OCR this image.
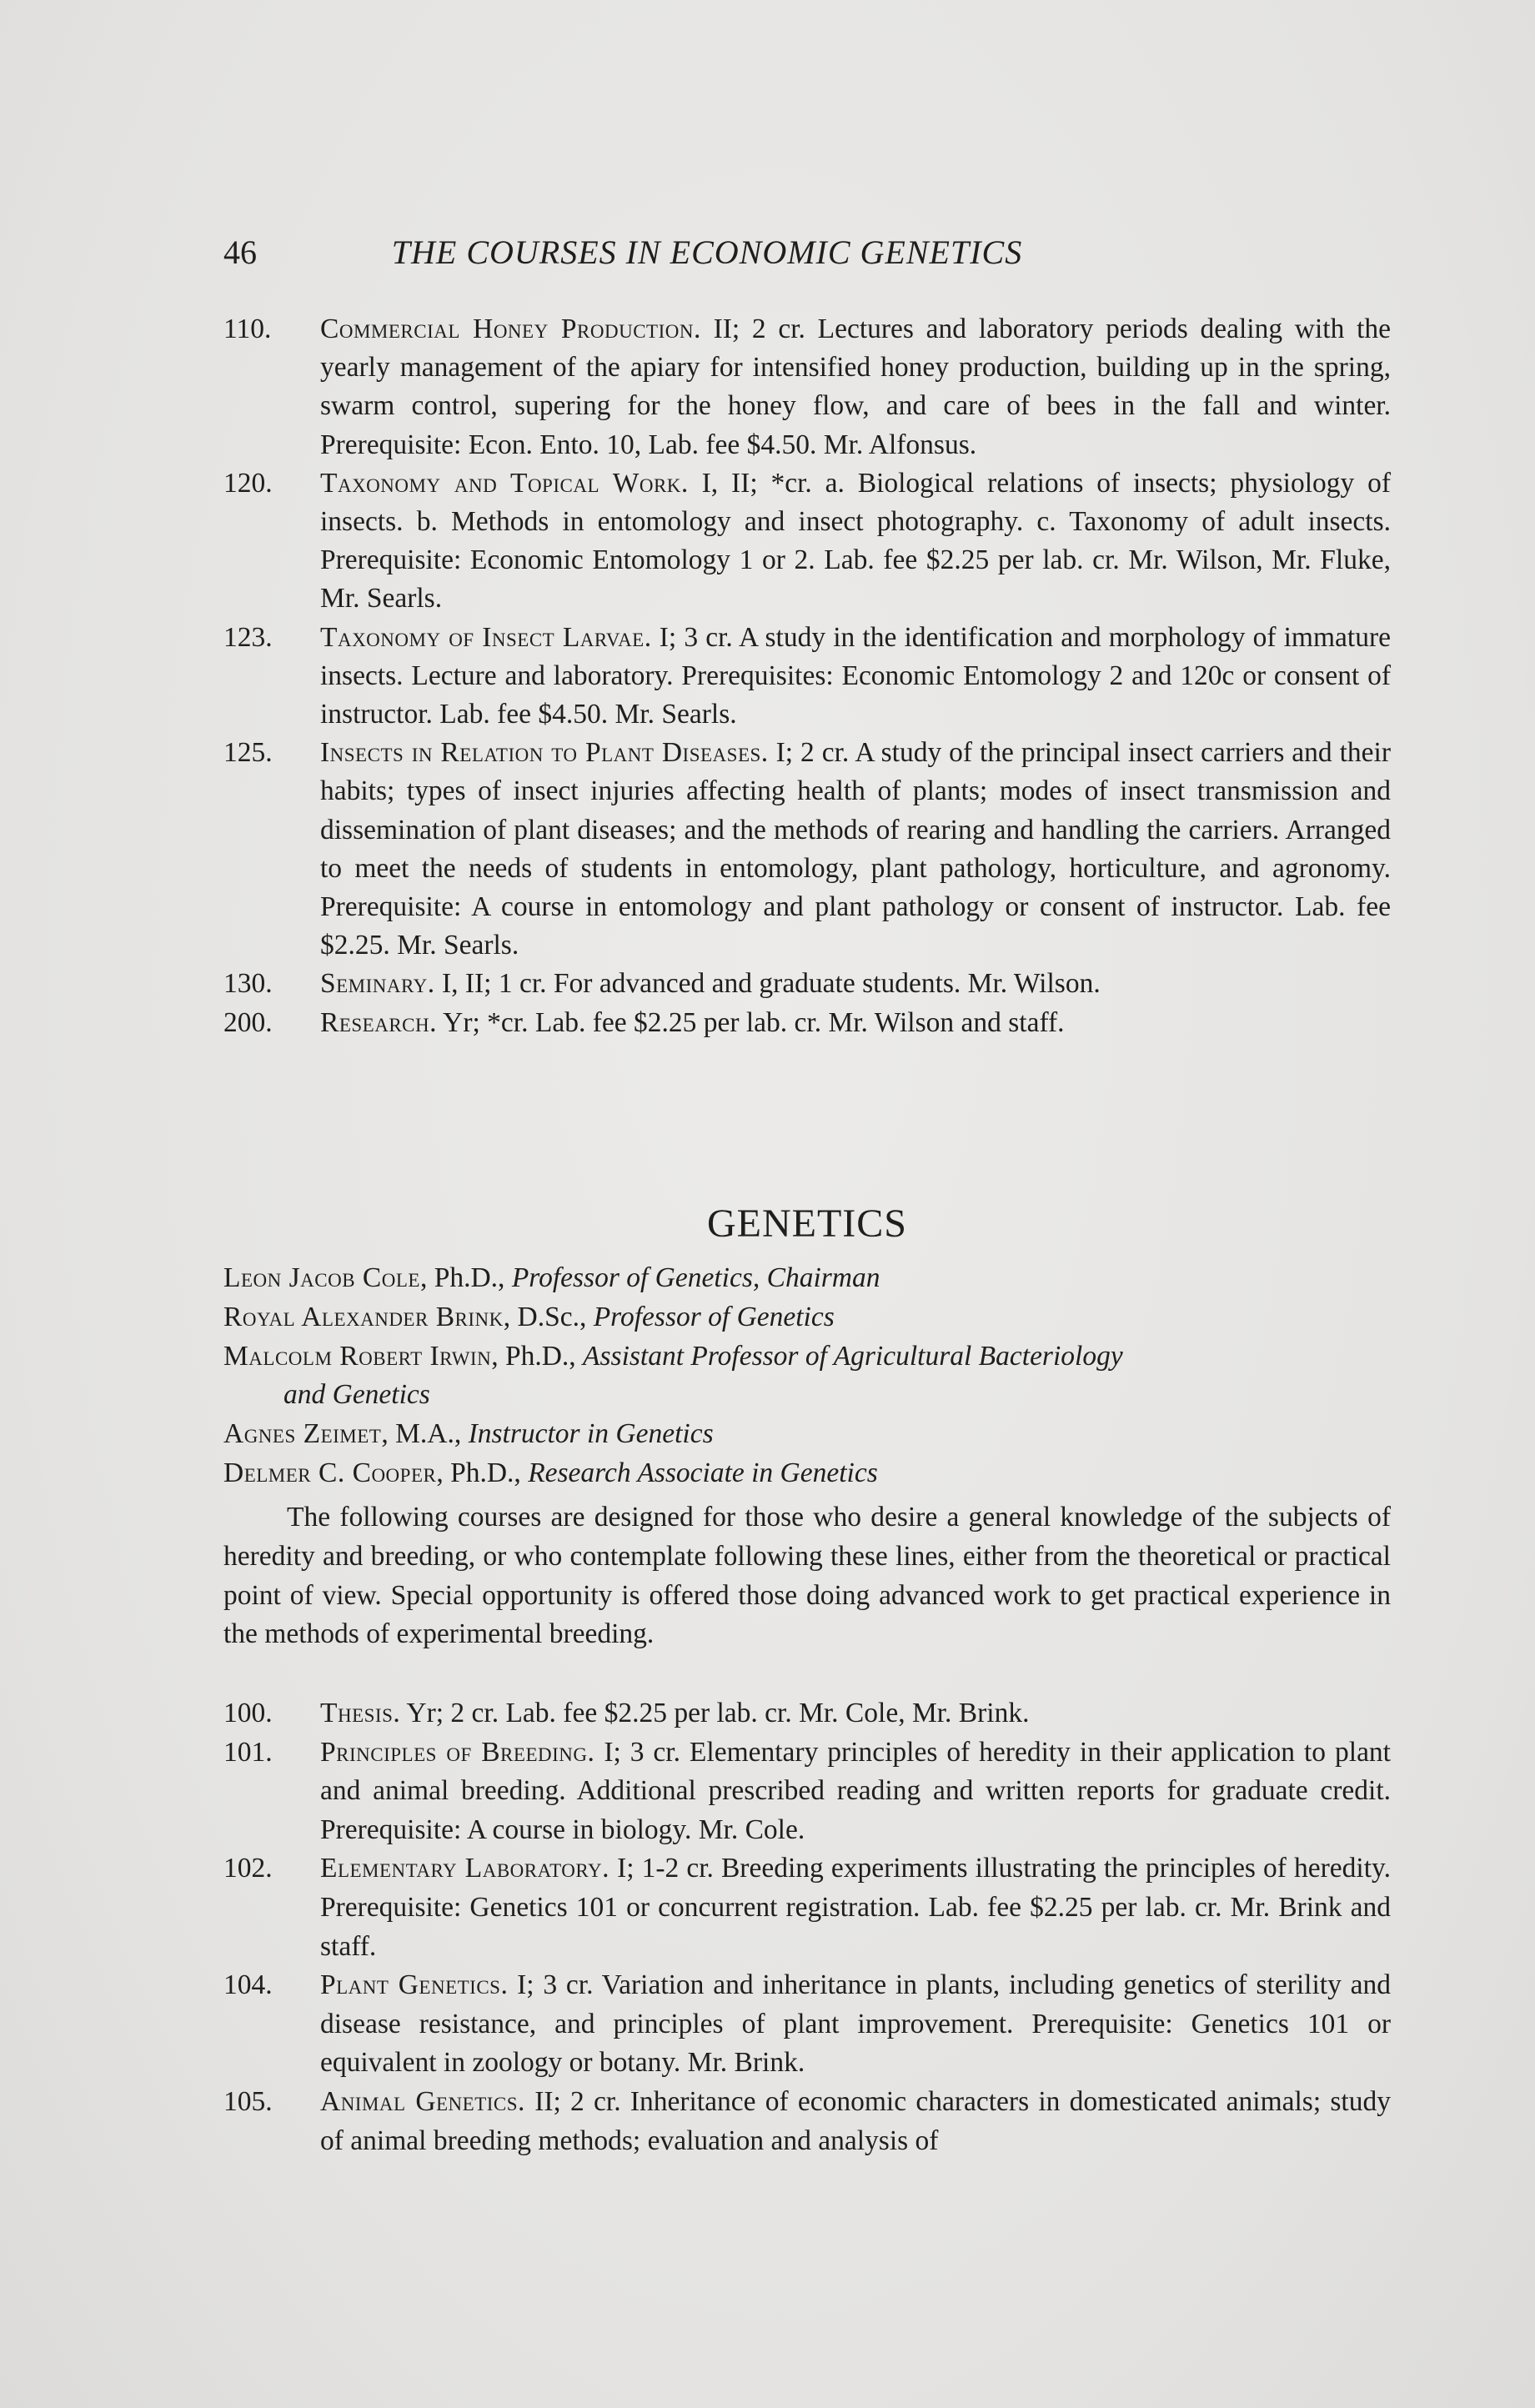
46	THE COURSES IN ECONOMIC GENETICS
110. Commercial Honey Production. II; 2 cr. Lectures and laboratory periods dealing with the yearly management of the apiary for intensified honey production, building up in the spring, swarm control, supering for the honey flow, and care of bees in the fall and winter. Prerequisite: Econ. Ento. 10, Lab. fee $4.50. Mr. Alfonsus.
120. Taxonomy and Topical Work. I, II; *cr. a. Biological relations of insects; physiology of insects. b. Methods in entomology and insect photography. c. Taxonomy of adult insects. Prerequisite: Economic Entomology 1 or 2. Lab. fee $2.25 per lab. cr. Mr. Wilson, Mr. Fluke, Mr. Searls.
123. Taxonomy of Insect Larvae. I; 3 cr. A study in the identification and morphology of immature insects. Lecture and laboratory. Prerequisites: Economic Entomology 2 and 120c or consent of instructor. Lab. fee $4.50. Mr. Searls.
125. Insects in Relation to Plant Diseases. I; 2 cr. A study of the principal insect carriers and their habits; types of insect injuries affecting health of plants; modes of insect transmission and dissemination of plant diseases; and the methods of rearing and handling the carriers. Arranged to meet the needs of students in entomology, plant pathology, horticulture, and agronomy. Prerequisite: A course in entomology and plant pathology or consent of instructor. Lab. fee $2.25. Mr. Searls.
130. Seminary. I, II; 1 cr. For advanced and graduate students. Mr. Wilson.
200. Research. Yr; *cr. Lab. fee $2.25 per lab. cr. Mr. Wilson and staff.
GENETICS
Leon Jacob Cole, Ph.D., Professor of Genetics, Chairman
Royal Alexander Brink, D.Sc., Professor of Genetics
Malcolm Robert Irwin, Ph.D., Assistant Professor of Agricultural Bacteriology
and Genetics
Agnes Zeimet, M.A., Instructor in Genetics
Delmer C. Cooper, Ph.D., Research Associate in Genetics
The following courses are designed for those who desire a general knowledge of the subjects of heredity and breeding, or who contemplate following these lines, either from the theoretical or practical point of view. Special opportunity is offered those doing advanced work to get practical experience in the methods of experimental breeding.
100. Thesis. Yr; 2 cr. Lab. fee $2.25 per lab. cr. Mr. Cole, Mr. Brink.
101. Principles of Breeding. I; 3 cr. Elementary principles of heredity in their application to plant and animal breeding. Additional prescribed reading and written reports for graduate credit. Prerequisite: A course in biology. Mr. Cole.
102. Elementary Laboratory. I; 1-2 cr. Breeding experiments illustrating the principles of heredity. Prerequisite: Genetics 101 or concurrent registration. Lab. fee $2.25 per lab. cr. Mr. Brink and staff.
104. Plant Genetics. I; 3 cr. Variation and inheritance in plants, including genetics of sterility and disease resistance, and principles of plant improvement. Prerequisite: Genetics 101 or equivalent in zoology or botany. Mr. Brink.
105. Animal Genetics. II; 2 cr. Inheritance of economic characters in domesticated animals; study of animal breeding methods; evaluation and analysis of
